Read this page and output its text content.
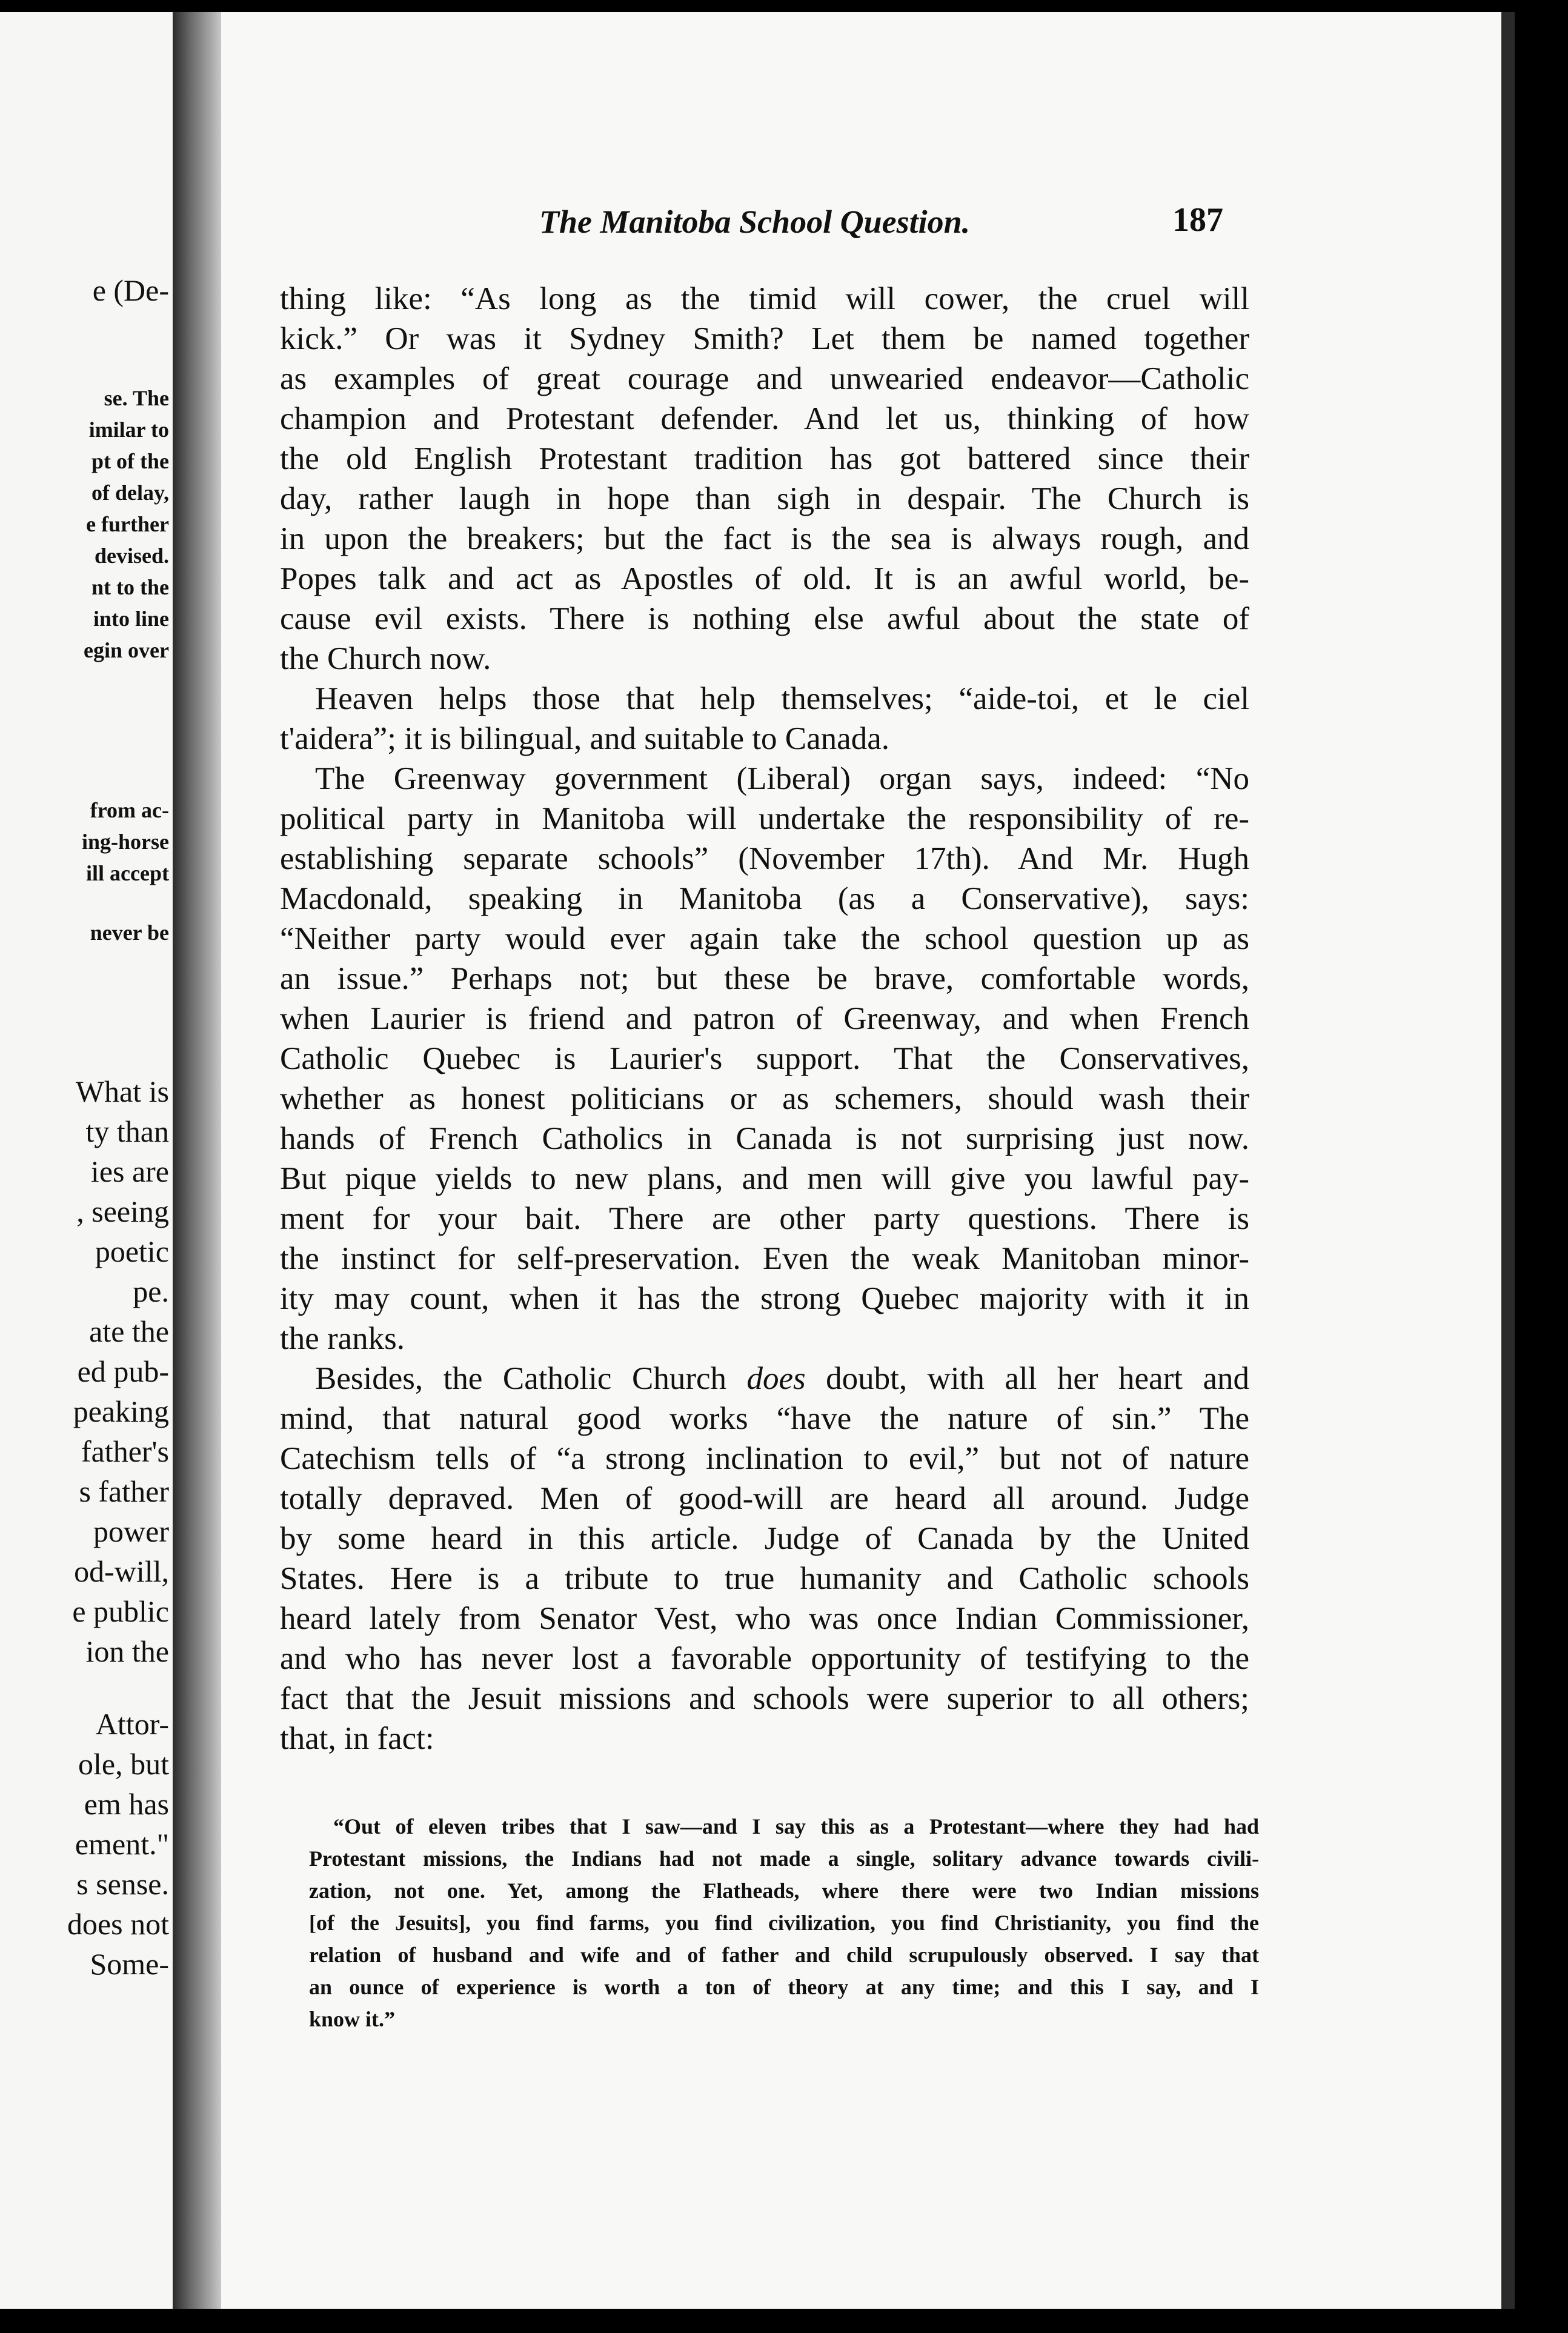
e (De-
se. The
imilar to
pt of the
of delay,
e further
devised.
nt to the
into line
egin over
from ac-
ing-horse
ill accept
never be
What is
ty than
ies are
, seeing
poetic
pe.
ate the
ed pub-
peaking
father's
s father
power
od-will,
e public
ion the
Attor-
ole, but
em has
ement."
s sense.
does not
Some-
The Manitoba School Question.	187
thing like: “As long as the timid will cower, the cruel will
kick.” Or was it Sydney Smith? Let them be named together
as examples of great courage and unwearied endeavor—Catholic
champion and Protestant defender. And let us, thinking of how
the old English Protestant tradition has got battered since their
day, rather laugh in hope than sigh in despair. The Church is
in upon the breakers; but the fact is the sea is always rough, and
Popes talk and act as Apostles of old. It is an awful world, be-
cause evil exists. There is nothing else awful about the state of
the Church now.
Heaven helps those that help themselves; “aide-toi, et le ciel
t'aidera”; it is bilingual, and suitable to Canada.
The Greenway government (Liberal) organ says, indeed: “No
political party in Manitoba will undertake the responsibility of re-
establishing separate schools” (November 17th). And Mr. Hugh
Macdonald, speaking in Manitoba (as a Conservative), says:
“Neither party would ever again take the school question up as
an issue.” Perhaps not; but these be brave, comfortable words,
when Laurier is friend and patron of Greenway, and when French
Catholic Quebec is Laurier's support. That the Conservatives,
whether as honest politicians or as schemers, should wash their
hands of French Catholics in Canada is not surprising just now.
But pique yields to new plans, and men will give you lawful pay-
ment for your bait. There are other party questions. There is
the instinct for self-preservation. Even the weak Manitoban minor-
ity may count, when it has the strong Quebec majority with it in
the ranks.
Besides, the Catholic Church does doubt, with all her heart and
mind, that natural good works “have the nature of sin.” The
Catechism tells of “a strong inclination to evil,” but not of nature
totally depraved. Men of good-will are heard all around. Judge
by some heard in this article. Judge of Canada by the United
States. Here is a tribute to true humanity and Catholic schools
heard lately from Senator Vest, who was once Indian Commissioner,
and who has never lost a favorable opportunity of testifying to the
fact that the Jesuit missions and schools were superior to all others;
that, in fact:
“Out of eleven tribes that I saw—and I say this as a Protestant—where they had had
Protestant missions, the Indians had not made a single, solitary advance towards civili-
zation, not one. Yet, among the Flatheads, where there were two Indian missions
[of the Jesuits], you find farms, you find civilization, you find Christianity, you find the
relation of husband and wife and of father and child scrupulously observed. I say that
an ounce of experience is worth a ton of theory at any time; and this I say, and I
know it.”
